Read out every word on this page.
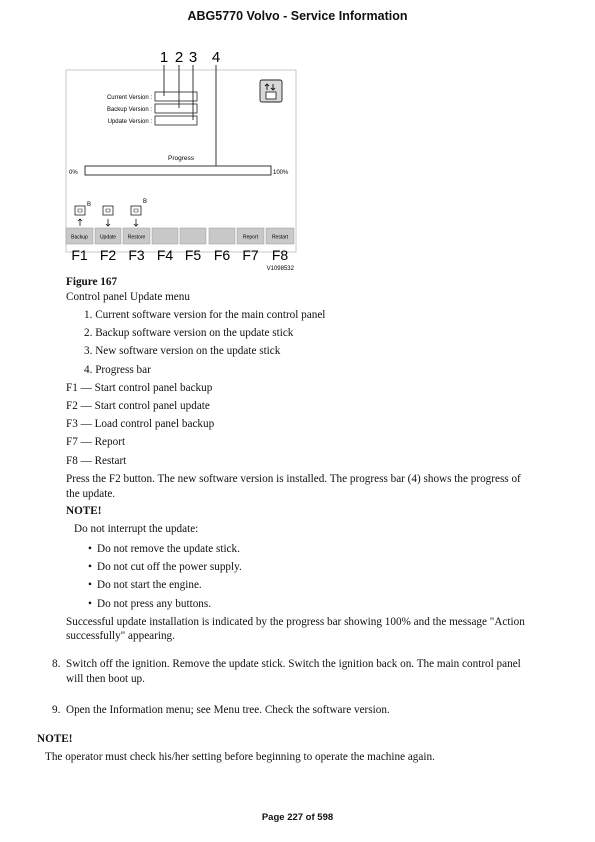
ABG5770 Volvo - Service Information
1 2 3 4
Current Version :
Backup Version :
Update Version :
Progress
0%	100%
B	B
Backup Update Restore	Report	Restart
F1 F2 F3 F4 F5 F6 F7 F8
V1098532
Figure 167
Control panel Update menu
1. Current software version for the main control panel
2. Backup software version on the update stick
3. New software version on the update stick
4. Progress bar
F1 — Start control panel backup
F2 — Start control panel update
F3 — Load control panel backup
F7 — Report
F8 — Restart
Press the F2 button. The new software version is installed. The progress bar (4) shows the progress of
the update.
NOTE!
Do not interrupt the update:
• Do not remove the update stick.
• Do not cut off the power supply.
• Do not start the engine.
• Do not press any buttons.
Successful update installation is indicated by the progress bar showing 100% and the message "Action
successfully" appearing.
8. Switch off the ignition. Remove the update stick. Switch the ignition back on. The main control panel
will then boot up.
9. Open the Information menu; see Menu tree. Check the software version.
NOTE!
The operator must check his/her setting before beginning to operate the machine again.
Page 227 of 598
